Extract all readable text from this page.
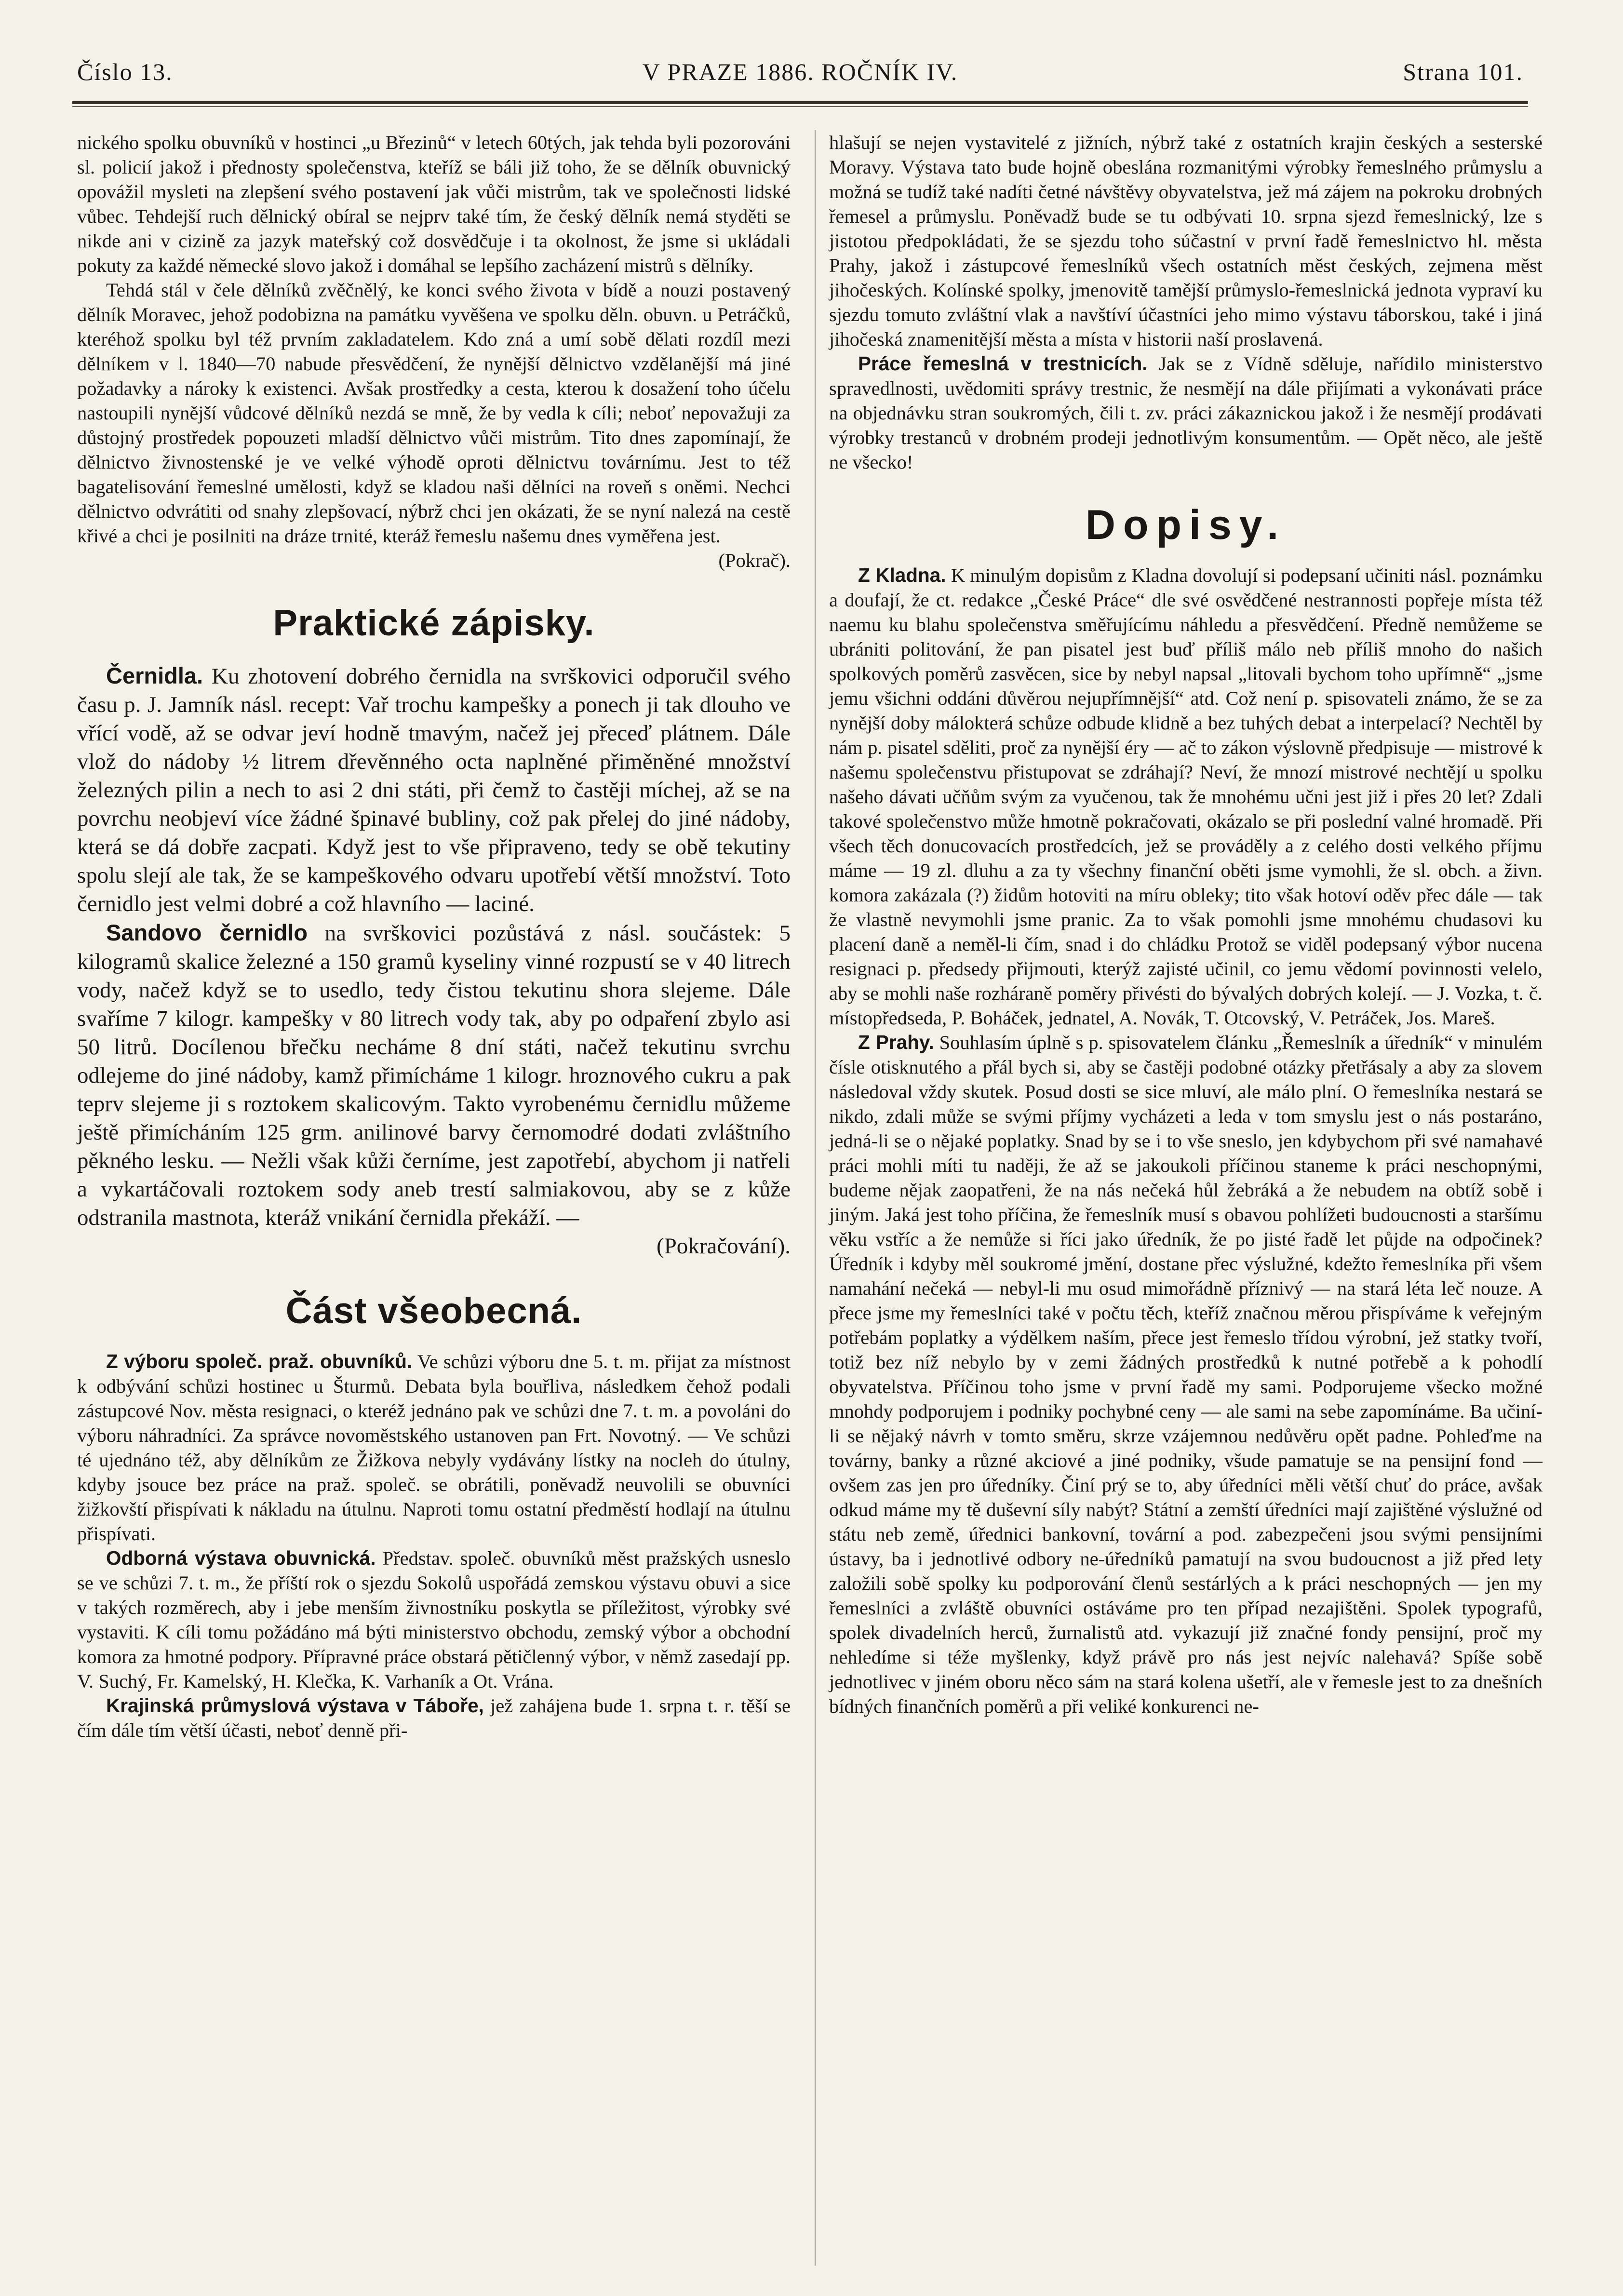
Číslo 13.	V PRAZE 1886. ROČNÍK IV.	Strana 101.

nického spolku obuvníků v hostinci „u Březinů“ v letech 60tých, jak tehda byli pozorováni sl. policií jakož i přednosty společenstva, kteříž se báli již toho, že se dělník obuvnický opovážil mysleti na zlepšení svého postavení jak vůči mistrům, tak ve společnosti lidské vůbec. Tehdejší ruch dělnický obíral se nejprv také tím, že český dělník nemá styděti se nikde ani v cizině za jazyk mateřský což dosvědčuje i ta okolnost, že jsme si ukládali pokuty za každé německé slovo jakož i domáhal se lepšího zacházení mistrů s dělníky.

Tehdá stál v čele dělníků zvěčnělý, ke konci svého života v bídě a nouzi postavený dělník Moravec, jehož podobizna na památku vyvěšena ve spolku děln. obuvn. u Petráčků, kteréhož spolku byl též prvním zakladatelem. Kdo zná a umí sobě dělati rozdíl mezi dělníkem v l. 1840—70 nabude přesvědčení, že nynější dělnictvo vzdělanější má jiné požadavky a nároky k existenci. Avšak prostředky a cesta, kterou k dosažení toho účelu nastoupili nynější vůdcové dělníků nezdá se mně, že by vedla k cíli; neboť nepovažuji za důstojný prostředek popouzeti mladší dělnictvo vůči mistrům. Tito dnes zapomínají, že dělnictvo živnostenské je ve velké výhodě oproti dělnictvu továrnímu. Jest to též bagatelisování řemeslné umělosti, když se kladou naši dělníci na roveň s oněmi. Nechci dělnictvo odvrátiti od snahy zlepšovací, nýbrž chci jen okázati, že se nyní nalezá na cestě křivé a chci je posilniti na dráze trnité, kteráž řemeslu našemu dnes vyměřena jest.

(Pokrač).
Praktické zápisky.

Černidla. Ku zhotovení dobrého černidla na svrškovici odporučil svého času p. J. Jamník násl. recept: Vař trochu kampešky a ponech ji tak dlouho ve vřící vodě, až se odvar jeví hodně tmavým, načež jej přeceď plátnem. Dále vlož do nádoby ½ litrem dřevěnného octa naplněné přiměněné množství železných pilin a nech to asi 2 dni státi, při čemž to častěji míchej, až se na povrchu neobjeví více žádné špinavé bubliny, což pak přelej do jiné nádoby, která se dá dobře zacpati. Když jest to vše připraveno, tedy se obě tekutiny spolu slejí ale tak, že se kampeškového odvaru upotřebí větší množství. Toto černidlo jest velmi dobré a což hlavního — laciné.

Sandovo černidlo na svrškovici pozůstává z násl. součástek: 5 kilogramů skalice železné a 150 gramů kyseliny vinné rozpustí se v 40 litrech vody, načež když se to usedlo, tedy čistou tekutinu shora slejeme. Dále svaříme 7 kilogr. kampešky v 80 litrech vody tak, aby po odpaření zbylo asi 50 litrů. Docílenou břečku necháme 8 dní státi, načež tekutinu svrchu odlejeme do jiné nádoby, kamž přimícháme 1 kilogr. hroznového cukru a pak teprv slejeme ji s roztokem skalicovým. Takto vyrobenému černidlu můžeme ještě přimícháním 125 grm. anilinové barvy černomodré dodati zvláštního pěkného lesku. — Nežli však kůži černíme, jest zapotřebí, abychom ji natřeli a vykartáčovali roztokem sody aneb trestí salmiakovou, aby se z kůže odstranila mastnota, kteráž vnikání černidla překáží. —

(Pokračování).
Část všeobecná.

Z výboru společ. praž. obuvníků. Ve schůzi výboru dne 5. t. m. přijat za místnost k odbývání schůzi hostinec u Šturmů. Debata byla bouřliva, následkem čehož podali zástupcové Nov. města resignaci, o kteréž jednáno pak ve schůzi dne 7. t. m. a povoláni do výboru náhradníci. Za správce novoměstského ustanoven pan Frt. Novotný. — Ve schůzi té ujednáno též, aby dělníkům ze Žižkova nebyly vydávány lístky na nocleh do útulny, kdyby jsouce bez práce na praž. společ. se obrátili, poněvadž neuvolili se obuvníci žižkovští přispívati k nákladu na útulnu. Naproti tomu ostatní předměstí hodlají na útulnu přispívati.

Odborná výstava obuvnická. Představ. společ. obuvníků měst pražských usneslo se ve schůzi 7. t. m., že příští rok o sjezdu Sokolů uspořádá zemskou výstavu obuvi a sice v takých rozměrech, aby i jebe menším živnostníku poskytla se příležitost, výrobky své vystaviti. K cíli tomu požádáno má býti ministerstvo obchodu, zemský výbor a obchodní komora za hmotné podpory. Přípravné práce obstará pětičlenný výbor, v němž zasedají pp. V. Suchý, Fr. Kamelský, H. Klečka, K. Varhaník a Ot. Vrána.

Krajinská průmyslová výstava v Táboře, jež zahájena bude 1. srpna t. r. těší se čím dále tím větší účasti, neboť denně při-

hlašují se nejen vystavitelé z jižních, nýbrž také z ostatních krajin českých a sesterské Moravy. Výstava tato bude hojně obeslána rozmanitými výrobky řemeslného průmyslu a možná se tudíž také nadíti četné návštěvy obyvatelstva, jež má zájem na pokroku drobných řemesel a průmyslu. Poněvadž bude se tu odbývati 10. srpna sjezd řemeslnický, lze s jistotou předpokládati, že se sjezdu toho súčastní v první řadě řemeslnictvo hl. města Prahy, jakož i zástupcové řemeslníků všech ostatních měst českých, zejmena měst jihočeských. Kolínské spolky, jmenovitě tamější průmyslo-řemeslnická jednota vypraví ku sjezdu tomuto zvláštní vlak a navštíví účastníci jeho mimo výstavu táborskou, také i jiná jihočeská znamenitější města a místa v historii naší proslavená.

Práce řemeslná v trestnicích. Jak se z Vídně sděluje, nařídilo ministerstvo spravedlnosti, uvědomiti správy trestnic, že nesmějí na dále přijímati a vykonávati práce na objednávku stran soukromých, čili t. zv. práci zákaznickou jakož i že nesmějí prodávati výrobky trestanců v drobném prodeji jednotlivým konsumentům. — Opět něco, ale ještě ne všecko!

Dopisy.

Z Kladna. K minulým dopisům z Kladna dovolují si podepsaní učiniti násl. poznámku a doufají, že ct. redakce „České Práce“ dle své osvědčené nestrannosti popřeje místa též naemu ku blahu společenstva směřujícímu náhledu a přesvědčení. Předně nemůžeme se ubrániti politování, že pan pisatel jest buď příliš málo neb příliš mnoho do našich spolkových poměrů zasvěcen, sice by nebyl napsal „litovali bychom toho upřímně“ „jsme jemu všichni oddáni důvěrou nejupřímnější“ atd. Což není p. spisovateli známo, že se za nynější doby málokterá schůze odbude klidně a bez tuhých debat a interpelací? Nechtěl by nám p. pisatel sděliti, proč za nynější éry — ač to zákon výslovně předpisuje — mistrové k našemu společenstvu přistupovat se zdráhají? Neví, že mnozí mistrové nechtějí u spolku našeho dávati učňům svým za vyučenou, tak že mnohému učni jest již i přes 20 let? Zdali takové společenstvo může hmotně pokračovati, okázalo se při poslední valné hromadě. Při všech těch donucovacích prostředcích, jež se prováděly a z celého dosti velkého příjmu máme — 19 zl. dluhu a za ty všechny finanční oběti jsme vymohli, že sl. obch. a živn. komora zakázala (?) židům hotoviti na míru obleky; tito však hotoví oděv přec dále — tak že vlastně nevymohli jsme pranic. Za to však pomohli jsme mnohému chudasovi ku placení daně a neměl-li čím, snad i do chládku Protož se viděl podepsaný výbor nucena resignaci p. předsedy přijmouti, kterýž zajisté učinil, co jemu vědomí povinnosti velelo, aby se mohli naše rozháraně poměry přivésti do bývalých dobrých kolejí. — J. Vozka, t. č. místopředseda, P. Boháček, jednatel, A. Novák, T. Otcovský, V. Petráček, Jos. Mareš.

Z Prahy. Souhlasím úplně s p. spisovatelem článku „Řemeslník a úředník“ v minulém čísle otisknutého a přál bych si, aby se častěji podobné otázky přetřásaly a aby za slovem následoval vždy skutek. Posud dosti se sice mluví, ale málo plní. O řemeslníka nestará se nikdo, zdali může se svými příjmy vycházeti a leda v tom smyslu jest o nás postaráno, jedná-li se o nějaké poplatky. Snad by se i to vše sneslo, jen kdybychom při své namahavé práci mohli míti tu naději, že až se jakoukoli příčinou staneme k práci neschopnými, budeme nějak zaopatřeni, že na nás nečeká hůl žebráká a že nebudem na obtíž sobě i jiným. Jaká jest toho příčina, že řemeslník musí s obavou pohlížeti budoucnosti a staršímu věku vstříc a že nemůže si říci jako úředník, že po jisté řadě let půjde na odpočinek? Úředník i kdyby měl soukromé jmění, dostane přec výslužné, kdežto řemeslníka při všem namahání nečeká — nebyl-li mu osud mimořádně příznivý — na stará léta leč nouze. A přece jsme my řemeslníci také v počtu těch, kteříž značnou měrou přispíváme k veřejným potřebám poplatky a výdělkem naším, přece jest řemeslo třídou výrobní, jež statky tvoří, totiž bez níž nebylo by v zemi žádných prostředků k nutné potřebě a k pohodlí obyvatelstva. Příčinou toho jsme v první řadě my sami. Podporujeme všecko možné mnohdy podporujem i podniky pochybné ceny — ale sami na sebe zapomínáme. Ba učiní-li se nějaký návrh v tomto směru, skrze vzájemnou nedůvěru opět padne. Pohleďme na továrny, banky a různé akciové a jiné podniky, všude pamatuje se na pensijní fond — ovšem zas jen pro úředníky. Činí prý se to, aby úředníci měli větší chuť do práce, avšak odkud máme my tě duševní síly nabýt? Státní a zemští úředníci mají zajištěné výslužné od státu neb země, úřednici bankovní, tovární a pod. zabezpečeni jsou svými pensijními ústavy, ba i jednotlivé odbory ne-úředníků pamatují na svou budoucnost a již před lety založili sobě spolky ku podporování členů sestárlých a k práci neschopných — jen my řemeslníci a zvláště obuvníci ostáváme pro ten případ nezajištěni. Spolek typografů, spolek divadelních herců, žurnalistů atd. vykazují již značné fondy pensijní, proč my nehledíme si téže myšlenky, když právě pro nás jest nejvíc nalehavá? Spíše sobě jednotlivec v jiném oboru něco sám na stará kolena ušetří, ale v řemesle jest to za dnešních bídných finančních poměrů a při veliké konkurenci ne-
